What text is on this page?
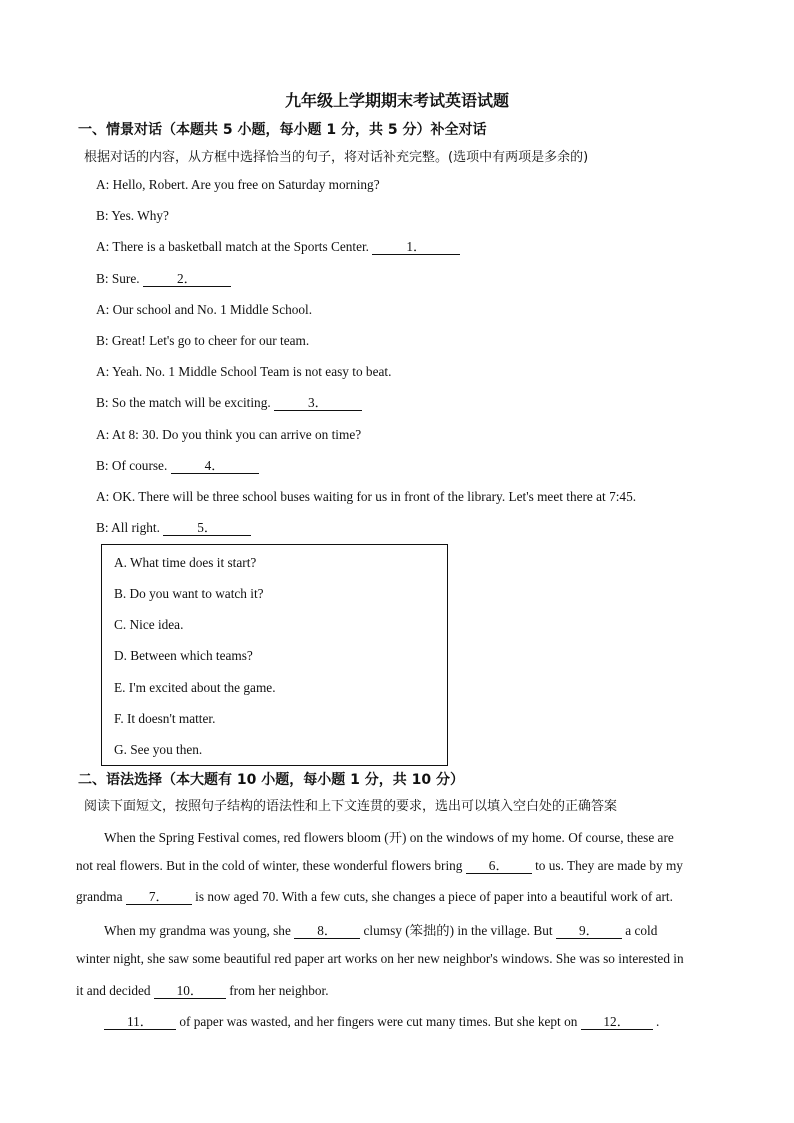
九年级上学期期末考试英语试题
一、情景对话（本题共 5 小题，每小题 1 分，共 5 分）补全对话
根据对话的内容，从方框中选择恰当的句子，将对话补充完整。(选项中有两项是多余的)
A: Hello, Robert. Are you free on Saturday morning?
B: Yes. Why?
A: There is a basketball match at the Sports Center.	1．
B: Sure.	2．
A: Our school and No. 1 Middle School.
B: Great! Let's go to cheer for our team.
A: Yeah. No. 1 Middle School Team is not easy to beat.
B: So the match will be exciting.	3．
A: At 8: 30. Do you think you can arrive on time?
B: Of course.	4．
A: OK. There will be three school buses waiting for us in front of the library. Let's meet there at 7:45.
B: All right.	5．
A. What time does it start?
B. Do you want to watch it?
C. Nice idea.
D. Between which teams?
E. I'm excited about the game.
F. It doesn't matter.
G. See you then.
二、语法选择（本大题有 10 小题，每小题 1 分，共 10 分）
阅读下面短文，按照句子结构的语法性和上下文连贯的要求，选出可以填入空白处的正确答案
When the Spring Festival comes, red flowers bloom (开) on the windows of my home. Of course, these are
not real flowers. But in the cold of winter, these wonderful flowers bring 6． to us. They are made by my
grandma 7． is now aged 70. With a few cuts, she changes a piece of paper into a beautiful work of art.
When my grandma was young, she 8． clumsy (笨拙的) in the village. But 9． a cold
winter night, she saw some beautiful red paper art works on her new neighbor's windows. She was so interested in
it and decided 10． from her neighbor.
11． of paper was wasted, and her fingers were cut many times. But she kept on 12． .
